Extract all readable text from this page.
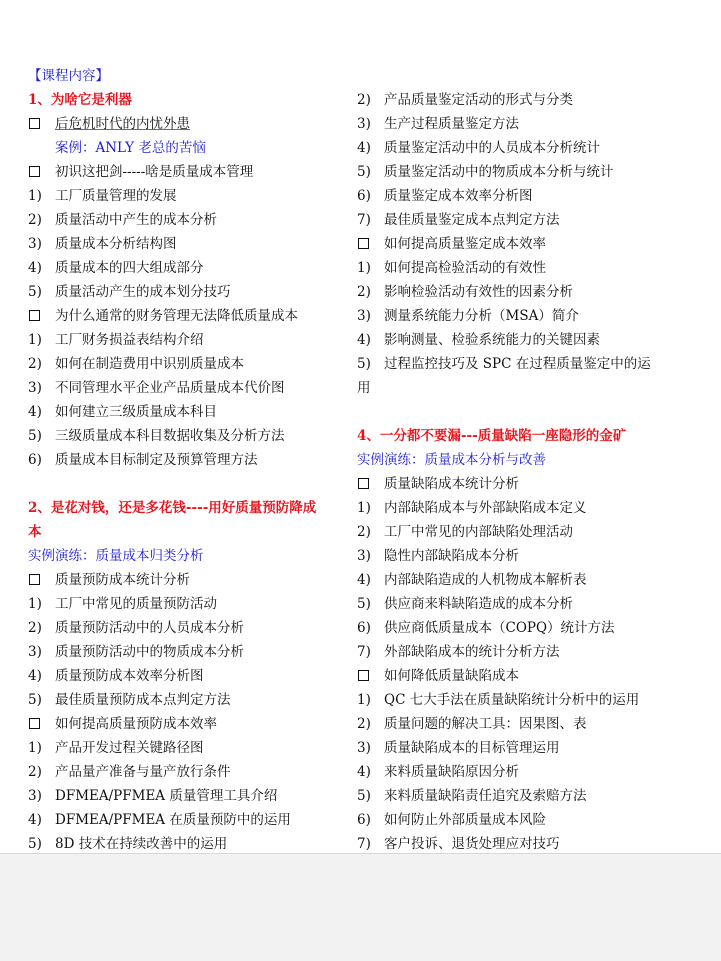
【课程内容】
1、为啥它是利器
后危机时代的内忧外患
案例：ANLY 老总的苦恼
初识这把剑-----啥是质量成本管理
1) 工厂质量管理的发展
2) 质量活动中产生的成本分析
3) 质量成本分析结构图
4) 质量成本的四大组成部分
5) 质量活动产生的成本划分技巧
为什么通常的财务管理无法降低质量成本
1) 工厂财务损益表结构介绍
2) 如何在制造费用中识别质量成本
3) 不同管理水平企业产品质量成本代价图
4) 如何建立三级质量成本科目
5) 三级质量成本科目数据收集及分析方法
6) 质量成本目标制定及预算管理方法
2、是花对钱，还是多花钱----用好质量预防降成
本
实例演练：质量成本归类分析
质量预防成本统计分析
1) 工厂中常见的质量预防活动
2) 质量预防活动中的人员成本分析
3) 质量预防活动中的物质成本分析
4) 质量预防成本效率分析图
5) 最佳质量预防成本点判定方法
如何提高质量预防成本效率
1) 产品开发过程关键路径图
2) 产品量产准备与量产放行条件
3) DFMEA/PFMEA 质量管理工具介绍
4) DFMEA/PFMEA 在质量预防中的运用
5) 8D 技术在持续改善中的运用
2) 产品质量鉴定活动的形式与分类
3) 生产过程质量鉴定方法
4) 质量鉴定活动中的人员成本分析统计
5) 质量鉴定活动中的物质成本分析与统计
6) 质量鉴定成本效率分析图
7) 最佳质量鉴定成本点判定方法
如何提高质量鉴定成本效率
1) 如何提高检验活动的有效性
2) 影响检验活动有效性的因素分析
3) 测量系统能力分析（MSA）简介
4) 影响测量、检验系统能力的关键因素
5) 过程监控技巧及 SPC 在过程质量鉴定中的运
用
4、一分都不要漏---质量缺陷一座隐形的金矿
实例演练：质量成本分析与改善
质量缺陷成本统计分析
1) 内部缺陷成本与外部缺陷成本定义
2) 工厂中常见的内部缺陷处理活动
3) 隐性内部缺陷成本分析
4) 内部缺陷造成的人机物成本解析表
5) 供应商来料缺陷造成的成本分析
6) 供应商低质量成本（COPQ）统计方法
7) 外部缺陷成本的统计分析方法
如何降低质量缺陷成本
1) QC 七大手法在质量缺陷统计分析中的运用
2) 质量问题的解决工具：因果图、表
3) 质量缺陷成本的目标管理运用
4) 来料质量缺陷原因分析
5) 来料质量缺陷责任追究及索赔方法
6) 如何防止外部质量成本风险
7) 客户投诉、退货处理应对技巧
